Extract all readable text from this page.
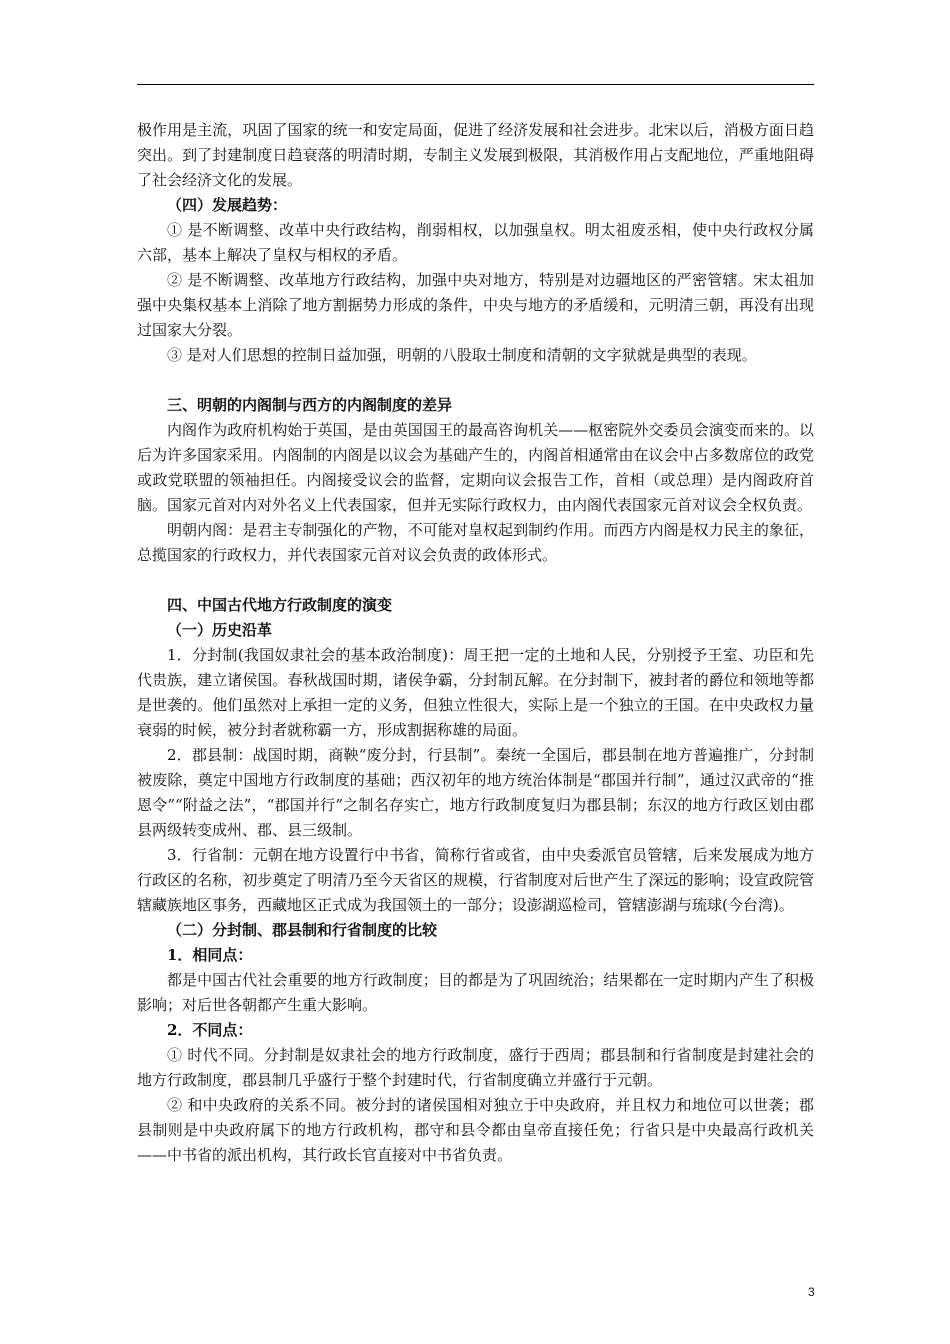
极作用是主流，巩固了国家的统一和安定局面，促进了经济发展和社会进步。北宋以后，消极方面日趋突出。到了封建制度日趋衰落的明清时期，专制主义发展到极限，其消极作用占支配地位，严重地阻碍了社会经济文化的发展。

（四）发展趋势：

① 是不断调整、改革中央行政结构，削弱相权，以加强皇权。明太祖废丞相，使中央行政权分属六部，基本上解决了皇权与相权的矛盾。

② 是不断调整、改革地方行政结构，加强中央对地方，特别是对边疆地区的严密管辖。宋太祖加强中央集权基本上消除了地方割据势力形成的条件，中央与地方的矛盾缓和，元明清三朝，再没有出现过国家大分裂。

③ 是对人们思想的控制日益加强，明朝的八股取士制度和清朝的文字狱就是典型的表现。

三、明朝的内阁制与西方的内阁制度的差异

内阁作为政府机构始于英国，是由英国国王的最高咨询机关——枢密院外交委员会演变而来的。以后为许多国家采用。内阁制的内阁是以议会为基础产生的，内阁首相通常由在议会中占多数席位的政党或政党联盟的领袖担任。内阁接受议会的监督，定期向议会报告工作，首相（或总理）是内阁政府首脑。国家元首对内对外名义上代表国家，但并无实际行政权力，由内阁代表国家元首对议会全权负责。

明朝内阁：是君主专制强化的产物，不可能对皇权起到制约作用。而西方内阁是权力民主的象征，总揽国家的行政权力，并代表国家元首对议会负责的政体形式。

四、中国古代地方行政制度的演变

（一）历史沿革

1．分封制(我国奴隶社会的基本政治制度)：周王把一定的土地和人民，分别授予王室、功臣和先代贵族，建立诸侯国。春秋战国时期，诸侯争霸，分封制瓦解。在分封制下，被封者的爵位和领地等都是世袭的。他们虽然对上承担一定的义务，但独立性很大，实际上是一个独立的王国。在中央政权力量衰弱的时候，被分封者就称霸一方，形成割据称雄的局面。

2．郡县制：战国时期，商鞅“废分封，行县制”。秦统一全国后，郡县制在地方普遍推广，分封制被废除，奠定中国地方行政制度的基础；西汉初年的地方统治体制是“郡国并行制”，通过汉武帝的“推恩令”“附益之法”，“郡国并行”之制名存实亡，地方行政制度复归为郡县制；东汉的地方行政区划由郡县两级转变成州、郡、县三级制。

3．行省制：元朝在地方设置行中书省，简称行省或省，由中央委派官员管辖，后来发展成为地方行政区的名称，初步奠定了明清乃至今天省区的规模，行省制度对后世产生了深远的影响；设宣政院管辖藏族地区事务，西藏地区正式成为我国领土的一部分；设澎湖巡检司，管辖澎湖与琉球(今台湾)。

（二）分封制、郡县制和行省制度的比较

1．相同点：

都是中国古代社会重要的地方行政制度；目的都是为了巩固统治；结果都在一定时期内产生了积极影响；对后世各朝都产生重大影响。

2．不同点：

① 时代不同。分封制是奴隶社会的地方行政制度，盛行于西周；郡县制和行省制度是封建社会的地方行政制度，郡县制几乎盛行于整个封建时代，行省制度确立并盛行于元朝。

② 和中央政府的关系不同。被分封的诸侯国相对独立于中央政府，并且权力和地位可以世袭；郡县制则是中央政府属下的地方行政机构，郡守和县令都由皇帝直接任免；行省只是中央最高行政机关——中书省的派出机构，其行政长官直接对中书省负责。

3
